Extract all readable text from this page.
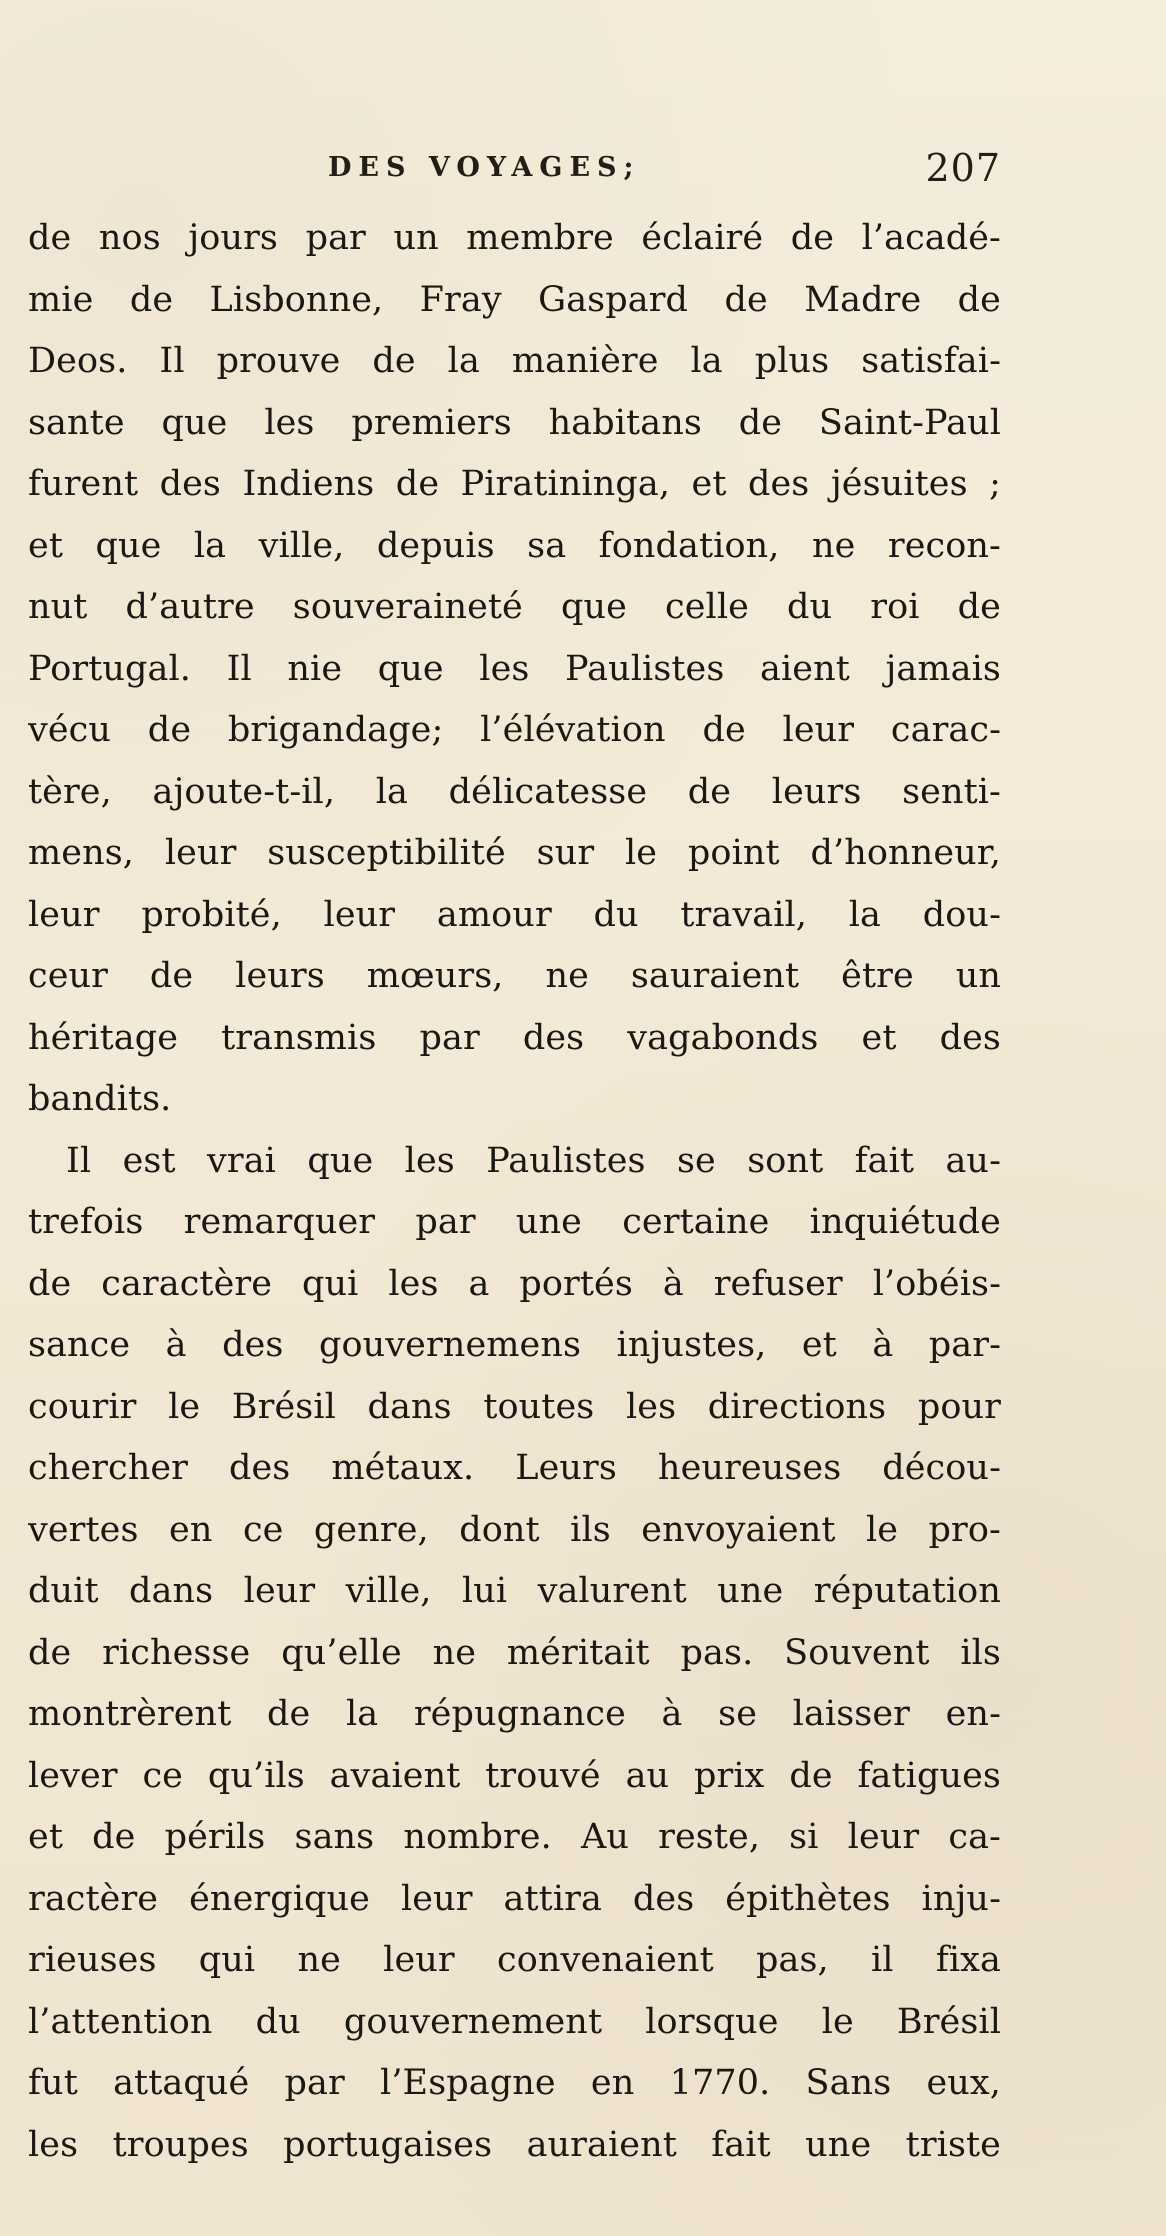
DES VOYAGES;	207
de nos jours par un membre éclairé de l’acadé-
mie de Lisbonne, Fray Gaspard de Madre de
Deos. Il prouve de la manière la plus satisfai-
sante que les premiers habitans de Saint-Paul
furent des Indiens de Piratininga, et des jésuites ;
et que la ville, depuis sa fondation, ne recon-
nut d’autre souveraineté que celle du roi de
Portugal. Il nie que les Paulistes aient jamais
vécu de brigandage; l’élévation de leur carac-
tère, ajoute-t-il, la délicatesse de leurs senti-
mens, leur susceptibilité sur le point d’honneur,
leur probité, leur amour du travail, la dou-
ceur de leurs mœurs, ne sauraient être un
héritage transmis par des vagabonds et des
bandits.
Il est vrai que les Paulistes se sont fait au-
trefois remarquer par une certaine inquiétude
de caractère qui les a portés à refuser l’obéis-
sance à des gouvernemens injustes, et à par-
courir le Brésil dans toutes les directions pour
chercher des métaux. Leurs heureuses décou-
vertes en ce genre, dont ils envoyaient le pro-
duit dans leur ville, lui valurent une réputation
de richesse qu’elle ne méritait pas. Souvent ils
montrèrent de la répugnance à se laisser en-
lever ce qu’ils avaient trouvé au prix de fatigues
et de périls sans nombre. Au reste, si leur ca-
ractère énergique leur attira des épithètes inju-
rieuses qui ne leur convenaient pas, il fixa
l’attention du gouvernement lorsque le Brésil
fut attaqué par l’Espagne en 1770. Sans eux,
les troupes portugaises auraient fait une triste
